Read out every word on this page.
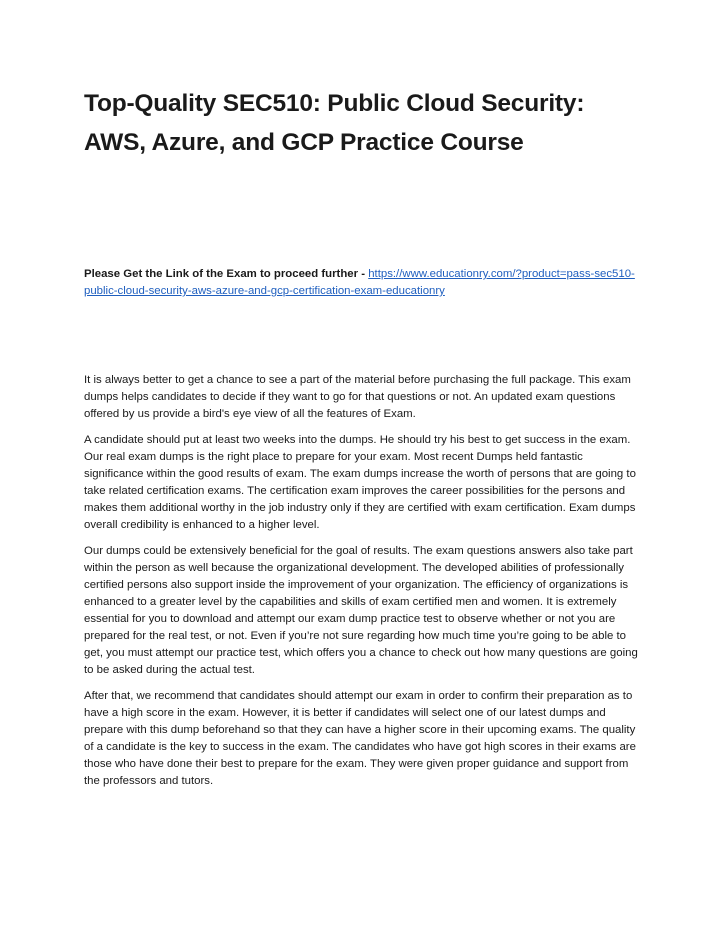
Top-Quality SEC510: Public Cloud Security: AWS, Azure, and GCP Practice Course

Please Get the Link of the Exam to proceed further - https://www.educationry.com/?product=pass-sec510-public-cloud-security-aws-azure-and-gcp-certification-exam-educationry

It is always better to get a chance to see a part of the material before purchasing the full package. This exam dumps helps candidates to decide if they want to go for that questions or not. An updated exam questions offered by us provide a bird's eye view of all the features of Exam.

A candidate should put at least two weeks into the dumps. He should try his best to get success in the exam. Our real exam dumps is the right place to prepare for your exam. Most recent Dumps held fantastic significance within the good results of exam. The exam dumps increase the worth of persons that are going to take related certification exams. The certification exam improves the career possibilities for the persons and makes them additional worthy in the job industry only if they are certified with exam certification. Exam dumps overall credibility is enhanced to a higher level.

Our dumps could be extensively beneficial for the goal of results. The exam questions answers also take part within the person as well because the organizational development. The developed abilities of professionally certified persons also support inside the improvement of your organization. The efficiency of organizations is enhanced to a greater level by the capabilities and skills of exam certified men and women. It is extremely essential for you to download and attempt our exam dump practice test to observe whether or not you are prepared for the real test, or not. Even if you’re not sure regarding how much time you’re going to be able to get, you must attempt our practice test, which offers you a chance to check out how many questions are going to be asked during the actual test.

After that, we recommend that candidates should attempt our exam in order to confirm their preparation as to have a high score in the exam. However, it is better if candidates will select one of our latest dumps and prepare with this dump beforehand so that they can have a higher score in their upcoming exams. The quality of a candidate is the key to success in the exam. The candidates who have got high scores in their exams are those who have done their best to prepare for the exam. They were given proper guidance and support from the professors and tutors.
